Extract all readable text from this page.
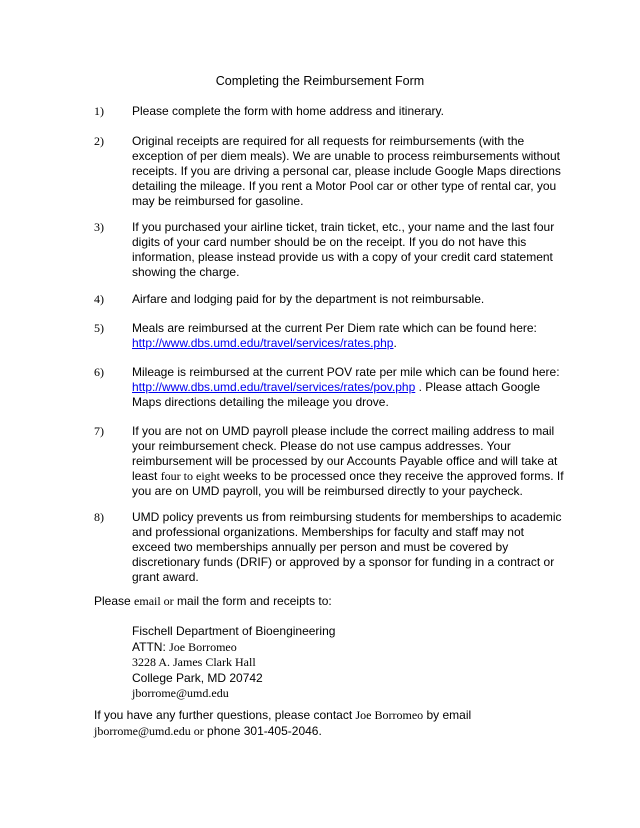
Completing the Reimbursement Form
1) Please complete the form with home address and itinerary.
2) Original receipts are required for all requests for reimbursements (with the exception of per diem meals). We are unable to process reimbursements without receipts. If you are driving a personal car, please include Google Maps directions detailing the mileage. If you rent a Motor Pool car or other type of rental car, you may be reimbursed for gasoline.
3) If you purchased your airline ticket, train ticket, etc., your name and the last four digits of your card number should be on the receipt. If you do not have this information, please instead provide us with a copy of your credit card statement showing the charge.
4) Airfare and lodging paid for by the department is not reimbursable.
5) Meals are reimbursed at the current Per Diem rate which can be found here: http://www.dbs.umd.edu/travel/services/rates.php.
6) Mileage is reimbursed at the current POV rate per mile which can be found here: http://www.dbs.umd.edu/travel/services/rates/pov.php . Please attach Google Maps directions detailing the mileage you drove.
7) If you are not on UMD payroll please include the correct mailing address to mail your reimbursement check. Please do not use campus addresses. Your reimbursement will be processed by our Accounts Payable office and will take at least four to eight weeks to be processed once they receive the approved forms. If you are on UMD payroll, you will be reimbursed directly to your paycheck.
8) UMD policy prevents us from reimbursing students for memberships to academic and professional organizations. Memberships for faculty and staff may not exceed two memberships annually per person and must be covered by discretionary funds (DRIF) or approved by a sponsor for funding in a contract or grant award.
Please email or mail the form and receipts to:
Fischell Department of Bioengineering
ATTN: Joe Borromeo
3228 A. James Clark Hall
College Park, MD 20742
jborrome@umd.edu
If you have any further questions, please contact Joe Borromeo by email
jborrome@umd.edu or phone 301-405-2046.
